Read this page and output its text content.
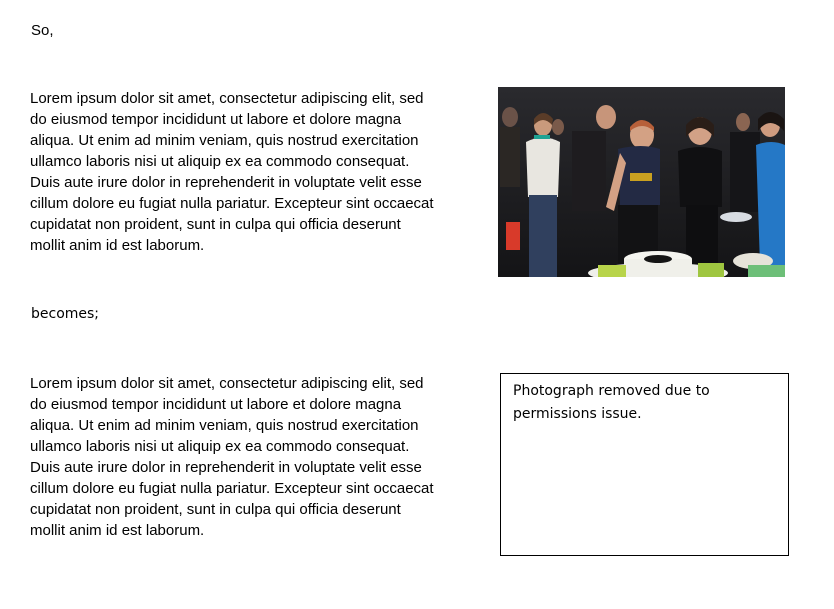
So,
Lorem ipsum dolor sit amet, consectetur adipiscing elit, sed
do eiusmod tempor incididunt ut labore et dolore magna
aliqua. Ut enim ad minim veniam, quis nostrud exercitation
ullamco laboris nisi ut aliquip ex ea commodo consequat.
Duis aute irure dolor in reprehenderit in voluptate velit esse
cillum dolore eu fugiat nulla pariatur. Excepteur sint occaecat
cupidatat non proident, sunt in culpa qui officia deserunt
mollit anim id est laborum.
becomes;
Lorem ipsum dolor sit amet, consectetur adipiscing elit, sed
do eiusmod tempor incididunt ut labore et dolore magna
aliqua. Ut enim ad minim veniam, quis nostrud exercitation
ullamco laboris nisi ut aliquip ex ea commodo consequat.
Duis aute irure dolor in reprehenderit in voluptate velit esse
cillum dolore eu fugiat nulla pariatur. Excepteur sint occaecat
cupidatat non proident, sunt in culpa qui officia deserunt
mollit anim id est laborum.
Photograph removed due to
permissions issue.
